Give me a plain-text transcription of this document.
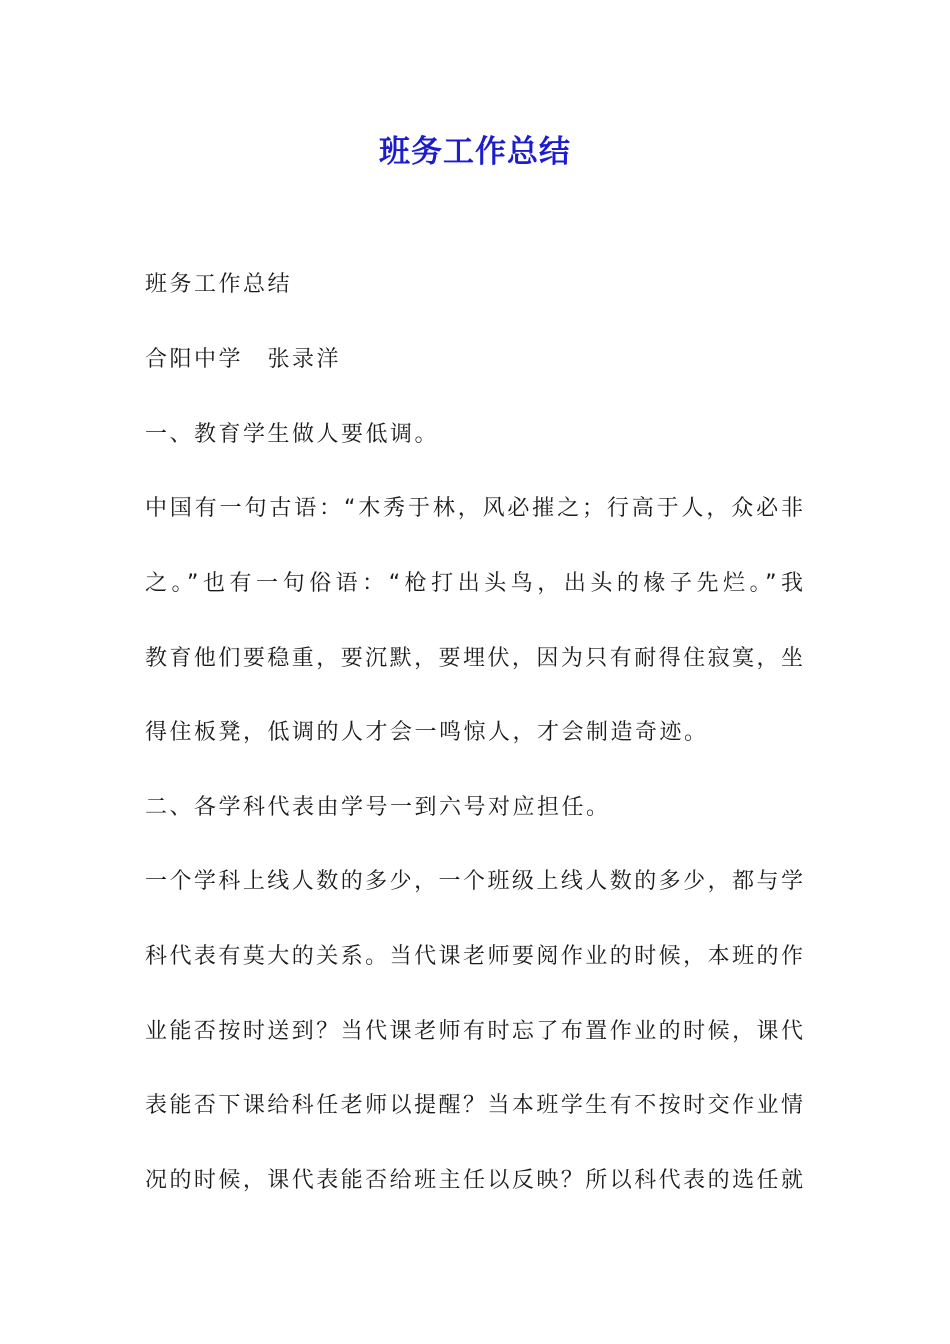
班务工作总结
班务工作总结
合阳中学　张录洋
一、教育学生做人要低调。
中国有一句古语：“木秀于林，风必摧之；行高于人，众必非
之。”也有一句俗语：“枪打出头鸟，出头的椽子先烂。”我
教育他们要稳重，要沉默，要埋伏，因为只有耐得住寂寞，坐
得住板凳，低调的人才会一鸣惊人，才会制造奇迹。
二、各学科代表由学号一到六号对应担任。
一个学科上线人数的多少，一个班级上线人数的多少，都与学
科代表有莫大的关系。当代课老师要阅作业的时候，本班的作
业能否按时送到？当代课老师有时忘了布置作业的时候，课代
表能否下课给科任老师以提醒？当本班学生有不按时交作业情
况的时候，课代表能否给班主任以反映？所以科代表的选任就
